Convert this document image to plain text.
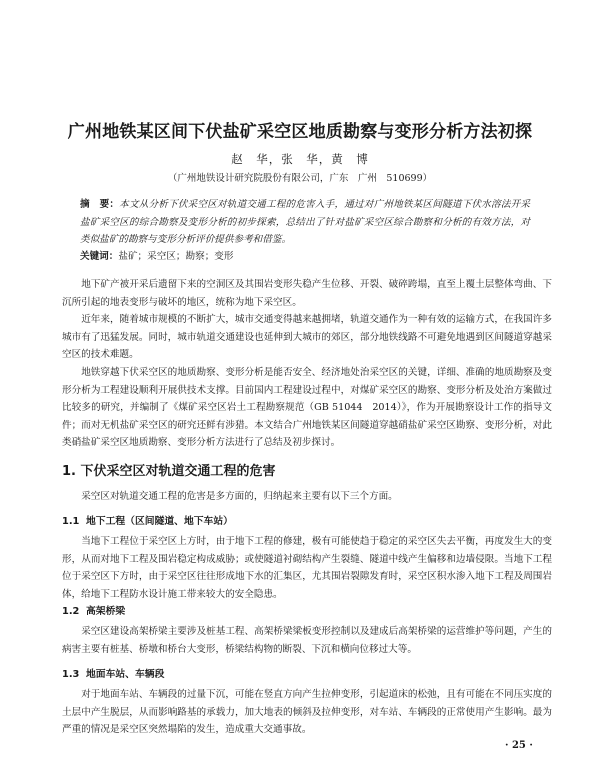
广州地铁某区间下伏盐矿采空区地质勘察与变形分析方法初探
赵　华，张　华，黄　博
（广州地铁设计研究院股份有限公司，广东　广州　510699）
摘　要：本文从分析下伏采空区对轨道交通工程的危害入手，通过对广州地铁某区间隧道下伏水溶法开采盐矿采空区的综合勘察及变形分析的初步探索，总结出了针对盐矿采空区综合勘察和分析的有效方法，对类似盐矿的勘察与变形分析评价提供参考和借鉴。
关键词：盐矿；采空区；勘察；变形

地下矿产被开采后遗留下来的空洞区及其围岩变形失稳产生位移、开裂、破碎跨塌，直至上覆土层整体弯曲、下沉所引起的地表变形与破坏的地区，统称为地下采空区。

近年来，随着城市规模的不断扩大，城市交通变得越来越拥堵，轨道交通作为一种有效的运输方式，在我国许多城市有了迅猛发展。同时，城市轨道交通建设也延伸到大城市的郊区，部分地铁线路不可避免地遇到区间隧道穿越采空区的技术难题。

地铁穿越下伏采空区的地质勘察、变形分析是能否安全、经济地处治采空区的关键，详细、准确的地质勘察及变形分析为工程建设顺利开展供技术支撑。目前国内工程建设过程中，对煤矿采空区的勘察、变形分析及处治方案做过比较多的研究，并编制了《煤矿采空区岩土工程勘察规范（GB 51044　2014）》，作为开展勘察设计工作的指导文件；而对无机盐矿采空区的研究还鲜有涉猎。本文结合广州地铁某区间隧道穿越硝盐矿采空区勘察、变形分析，对此类硝盐矿采空区地质勘察、变形分析方法进行了总结及初步探讨。

1. 下伏采空区对轨道交通工程的危害

采空区对轨道交通工程的危害是多方面的，归纳起来主要有以下三个方面。

1.1 地下工程（区间隧道、地下车站）

当地下工程位于采空区上方时，由于地下工程的修建，极有可能使趋于稳定的采空区失去平衡，再度发生大的变形，从而对地下工程及围岩稳定构成威胁；或使隧道衬砌结构产生裂缝、隧道中线产生偏移和边墙侵限。当地下工程位于采空区下方时，由于采空区往往形成地下水的汇集区，尤其围岩裂隙发育时，采空区积水渗入地下工程及周围岩体，给地下工程防水设计施工带来较大的安全隐患。

1.2 高架桥梁

采空区建设高架桥梁主要涉及桩基工程、高架桥梁梁板变形控制以及建成后高架桥梁的运营维护等问题，产生的病害主要有桩基、桥墩和桥台大变形，桥梁结构物的断裂、下沉和横向位移过大等。

1.3 地面车站、车辆段

对于地面车站、车辆段的过量下沉，可能在竖直方向产生拉伸变形，引起道床的松弛，且有可能在不同压实度的土层中产生脱层，从而影响路基的承载力，加大地表的倾斜及拉伸变形，对车站、车辆段的正常使用产生影响。最为严重的情况是采空区突然塌陷的发生，造成重大交通事故。

· 25 ·
